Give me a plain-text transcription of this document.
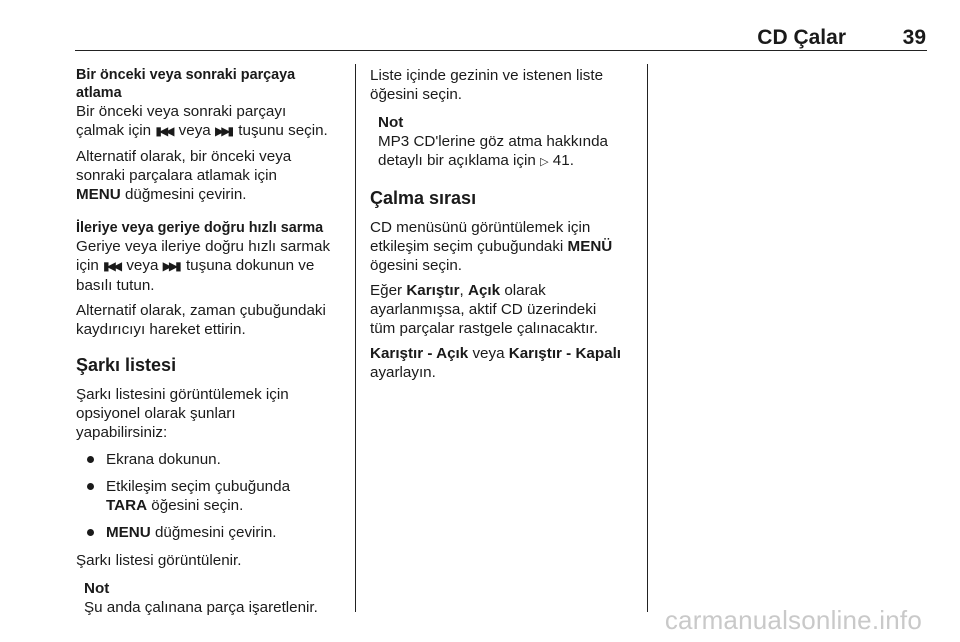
CD Çalar	39

Bir önceki veya sonraki parçaya
atlama

Bir önceki veya sonraki parçayı
çalmak için ▮◀◀ veya ▶▶▮ tuşunu seçin.

Alternatif olarak, bir önceki veya
sonraki parçalara atlamak için
MENU düğmesini çevirin.

İleriye veya geriye doğru hızlı sarma

Geriye veya ileriye doğru hızlı sarmak
için ▮◀◀ veya ▶▶▮ tuşuna dokunun ve
basılı tutun.

Alternatif olarak, zaman çubuğundaki
kaydırıcıyı hareket ettirin.

Şarkı listesi

Şarkı listesini görüntülemek için
opsiyonel olarak şunları
yapabilirsiniz:

Ekrana dokunun.
Etkileşim seçim çubuğunda
TARA öğesini seçin.
MENU düğmesini çevirin.

Şarkı listesi görüntülenir.

Not

Şu anda çalınana parça işaretlenir.

Liste içinde gezinin ve istenen liste
öğesini seçin.

Not

MP3 CD'lerine göz atma hakkında
detaylı bir açıklama için ▷ 41.

Çalma sırası

CD menüsünü görüntülemek için
etkileşim seçim çubuğundaki MENÜ
ögesini seçin.

Eğer Karıştır, Açık olarak
ayarlanmışsa, aktif CD üzerindeki
tüm parçalar rastgele çalınacaktır.

Karıştır - Açık veya Karıştır - Kapalı
ayarlayın.

carmanualsonline.info
